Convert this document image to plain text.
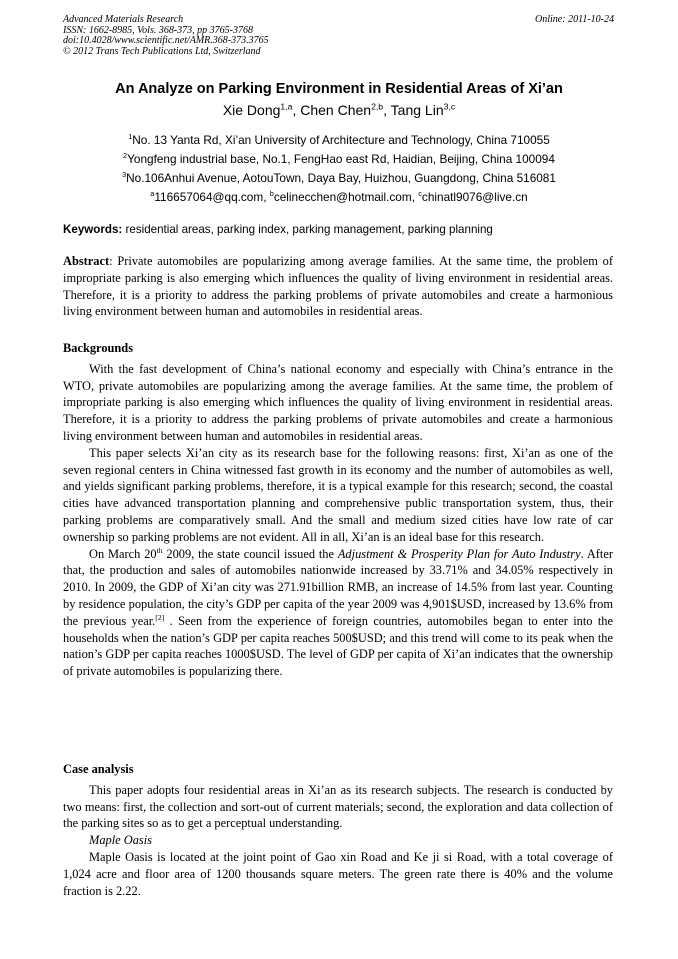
Advanced Materials Research
ISSN: 1662-8985, Vols. 368-373, pp 3765-3768
doi:10.4028/www.scientific.net/AMR.368-373.3765
© 2012 Trans Tech Publications Ltd, Switzerland
Online: 2011-10-24
An Analyze on Parking Environment in Residential Areas of Xi’an
Xie Dong$^{1,a}$, Chen Chen$^{2,b}$, Tang Lin$^{3,c}$
$^1$No. 13 Yanta Rd, Xi’an University of Architecture and Technology, China 710055
$^2$Yongfeng industrial base, No.1, FengHao east Rd, Haidian, Beijing, China 100094
$^3$No.106Anhui Avenue, AotouTown, Daya Bay, Huizhou, Guangdong, China 516081
$^a$116657064@qq.com, $^b$celinecchen@hotmail.com, $^c$chinatl9076@live.cn
Keywords: residential areas, parking index, parking management, parking planning

Abstract: Private automobiles are popularizing among average families. At the same time, the problem of impropriate parking is also emerging which influences the quality of living environment in residential areas. Therefore, it is a priority to address the parking problems of private automobiles and create a harmonious living environment between human and automobiles in residential areas.

Backgrounds

With the fast development of China’s national economy and especially with China’s entrance in the WTO, private automobiles are popularizing among the average families. At the same time, the problem of impropriate parking is also emerging which influences the quality of living environment in residential areas. Therefore, it is a priority to address the parking problems of private automobiles and create a harmonious living environment between human and automobiles in residential areas.

This paper selects Xi’an city as its research base for the following reasons: first, Xi’an as one of the seven regional centers in China witnessed fast growth in its economy and the number of automobiles as well, and yields significant parking problems, therefore, it is a typical example for this research; second, the coastal cities have advanced transportation planning and comprehensive public transportation system, thus, their parking problems are comparatively small. And the small and medium sized cities have low rate of car ownership so parking problems are not evident. All in all, Xi’an is an ideal base for this research.

On March 20th 2009, the state council issued the Adjustment & Prosperity Plan for Auto Industry. After that, the production and sales of automobiles nationwide increased by 33.71% and 34.05% respectively in 2010. In 2009, the GDP of Xi’an city was 271.91billion RMB, an increase of 14.5% from last year. Counting by residence population, the city’s GDP per capita of the year 2009 was 4,901$USD, increased by 13.6% from the previous year.[2] . Seen from the experience of foreign countries, automobiles began to enter into the households when the nation’s GDP per capita reaches 500$USD; and this trend will come to its peak when the nation’s GDP per capita reaches 1000$USD. The level of GDP per capita of Xi’an indicates that the ownership of private automobiles is popularizing there.

Case analysis

This paper adopts four residential areas in Xi’an as its research subjects. The research is conducted by two means: first, the collection and sort-out of current materials; second, the exploration and data collection of the parking sites so as to get a perceptual understanding.

Maple Oasis

Maple Oasis is located at the joint point of Gao xin Road and Ke ji si Road, with a total coverage of 1,024 acre and floor area of 1200 thousands square meters. The green rate there is 40% and the volume fraction is 2.22.
